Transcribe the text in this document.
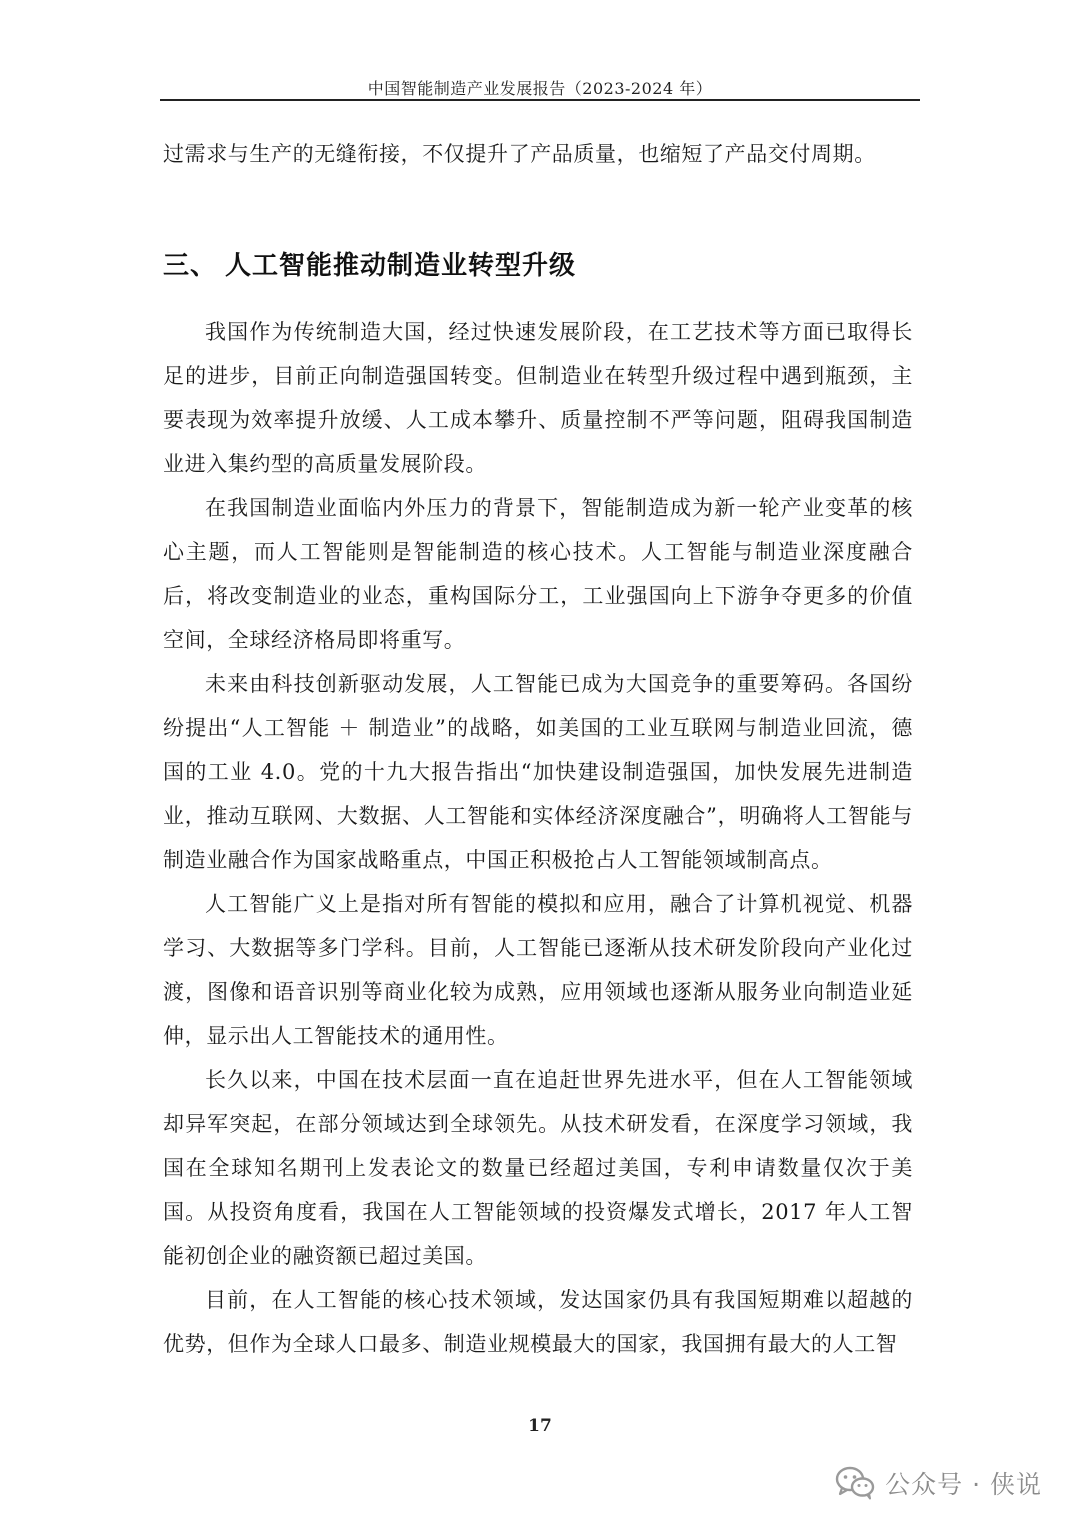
中国智能制造产业发展报告（2023-2024 年）
过需求与生产的无缝衔接，不仅提升了产品质量，也缩短了产品交付周期。
三、 人工智能推动制造业转型升级

我国作为传统制造大国，经过快速发展阶段，在工艺技术等方面已取得长足的进步，目前正向制造强国转变。但制造业在转型升级过程中遇到瓶颈，主要表现为效率提升放缓、人工成本攀升、质量控制不严等问题，阻碍我国制造业进入集约型的高质量发展阶段。

在我国制造业面临内外压力的背景下，智能制造成为新一轮产业变革的核心主题，而人工智能则是智能制造的核心技术。人工智能与制造业深度融合后，将改变制造业的业态，重构国际分工，工业强国向上下游争夺更多的价值空间，全球经济格局即将重写。

未来由科技创新驱动发展，人工智能已成为大国竞争的重要筹码。各国纷纷提出“人工智能 ＋ 制造业”的战略，如美国的工业互联网与制造业回流，德国的工业 4.0。党的十九大报告指出“加快建设制造强国，加快发展先进制造业，推动互联网、大数据、人工智能和实体经济深度融合”，明确将人工智能与制造业融合作为国家战略重点，中国正积极抢占人工智能领域制高点。

人工智能广义上是指对所有智能的模拟和应用，融合了计算机视觉、机器学习、大数据等多门学科。目前，人工智能已逐渐从技术研发阶段向产业化过渡，图像和语音识别等商业化较为成熟，应用领域也逐渐从服务业向制造业延伸，显示出人工智能技术的通用性。

长久以来，中国在技术层面一直在追赶世界先进水平，但在人工智能领域却异军突起，在部分领域达到全球领先。从技术研发看，在深度学习领域，我国在全球知名期刊上发表论文的数量已经超过美国，专利申请数量仅次于美国。从投资角度看，我国在人工智能领域的投资爆发式增长，2017 年人工智能初创企业的融资额已超过美国。

目前，在人工智能的核心技术领域，发达国家仍具有我国短期难以超越的优势，但作为全球人口最多、制造业规模最大的国家，我国拥有最大的人工智

17
公众号 · 侠说
